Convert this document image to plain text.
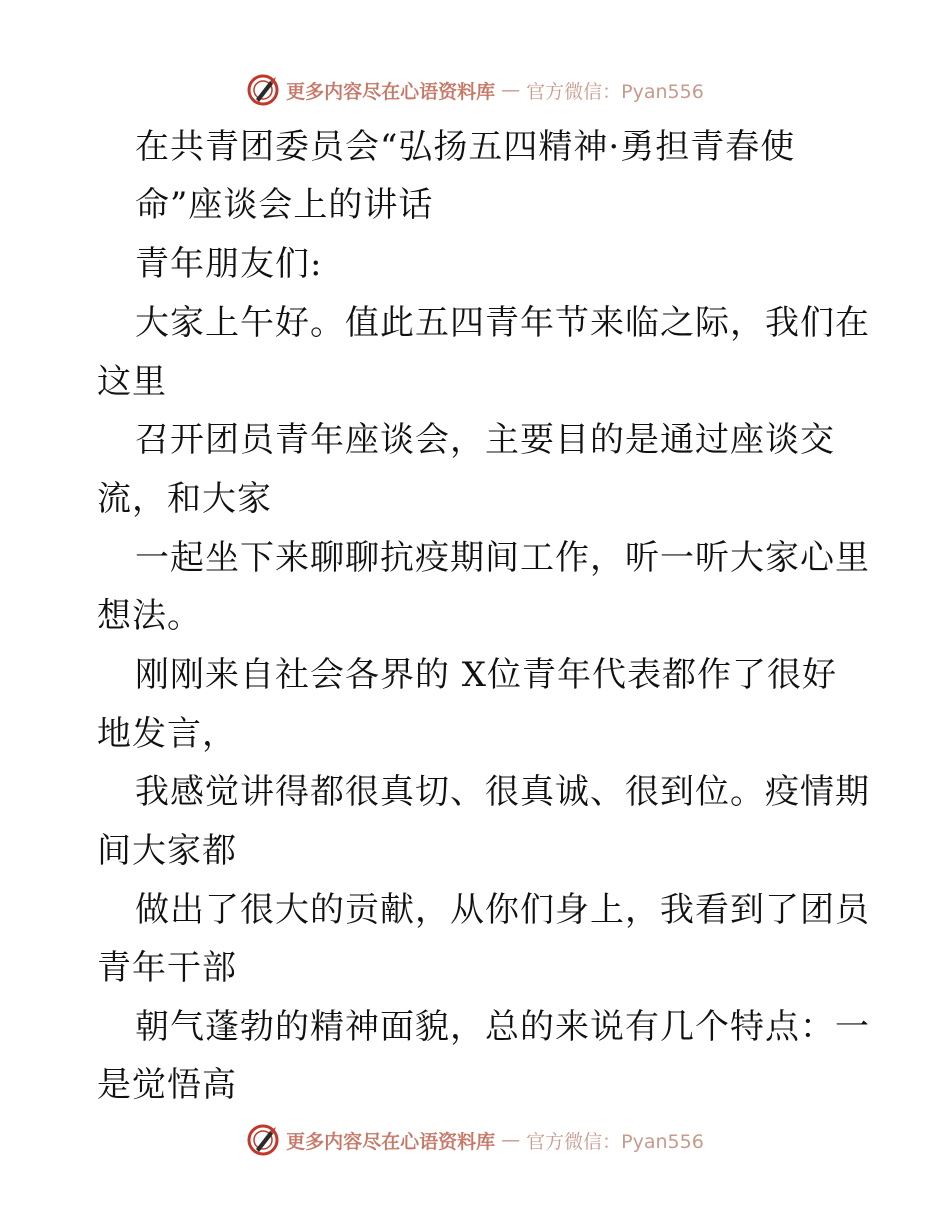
更多内容尽在心语资料库 — 官方微信：Pyan556
在共青团委员会“弘扬五四精神·勇担青春使
命”座谈会上的讲话
青年朋友们:
大家上午好。值此五四青年节来临之际，我们在
这里
召开团员青年座谈会，主要目的是通过座谈交
流，和大家
一起坐下来聊聊抗疫期间工作，听一听大家心里
想法。
刚刚来自社会各界的 X位青年代表都作了很好
地发言，
我感觉讲得都很真切、很真诚、很到位。疫情期
间大家都
做出了很大的贡献，从你们身上，我看到了团员
青年干部
朝气蓬勃的精神面貌，总的来说有几个特点：一
是觉悟高
更多内容尽在心语资料库 — 官方微信：Pyan556
